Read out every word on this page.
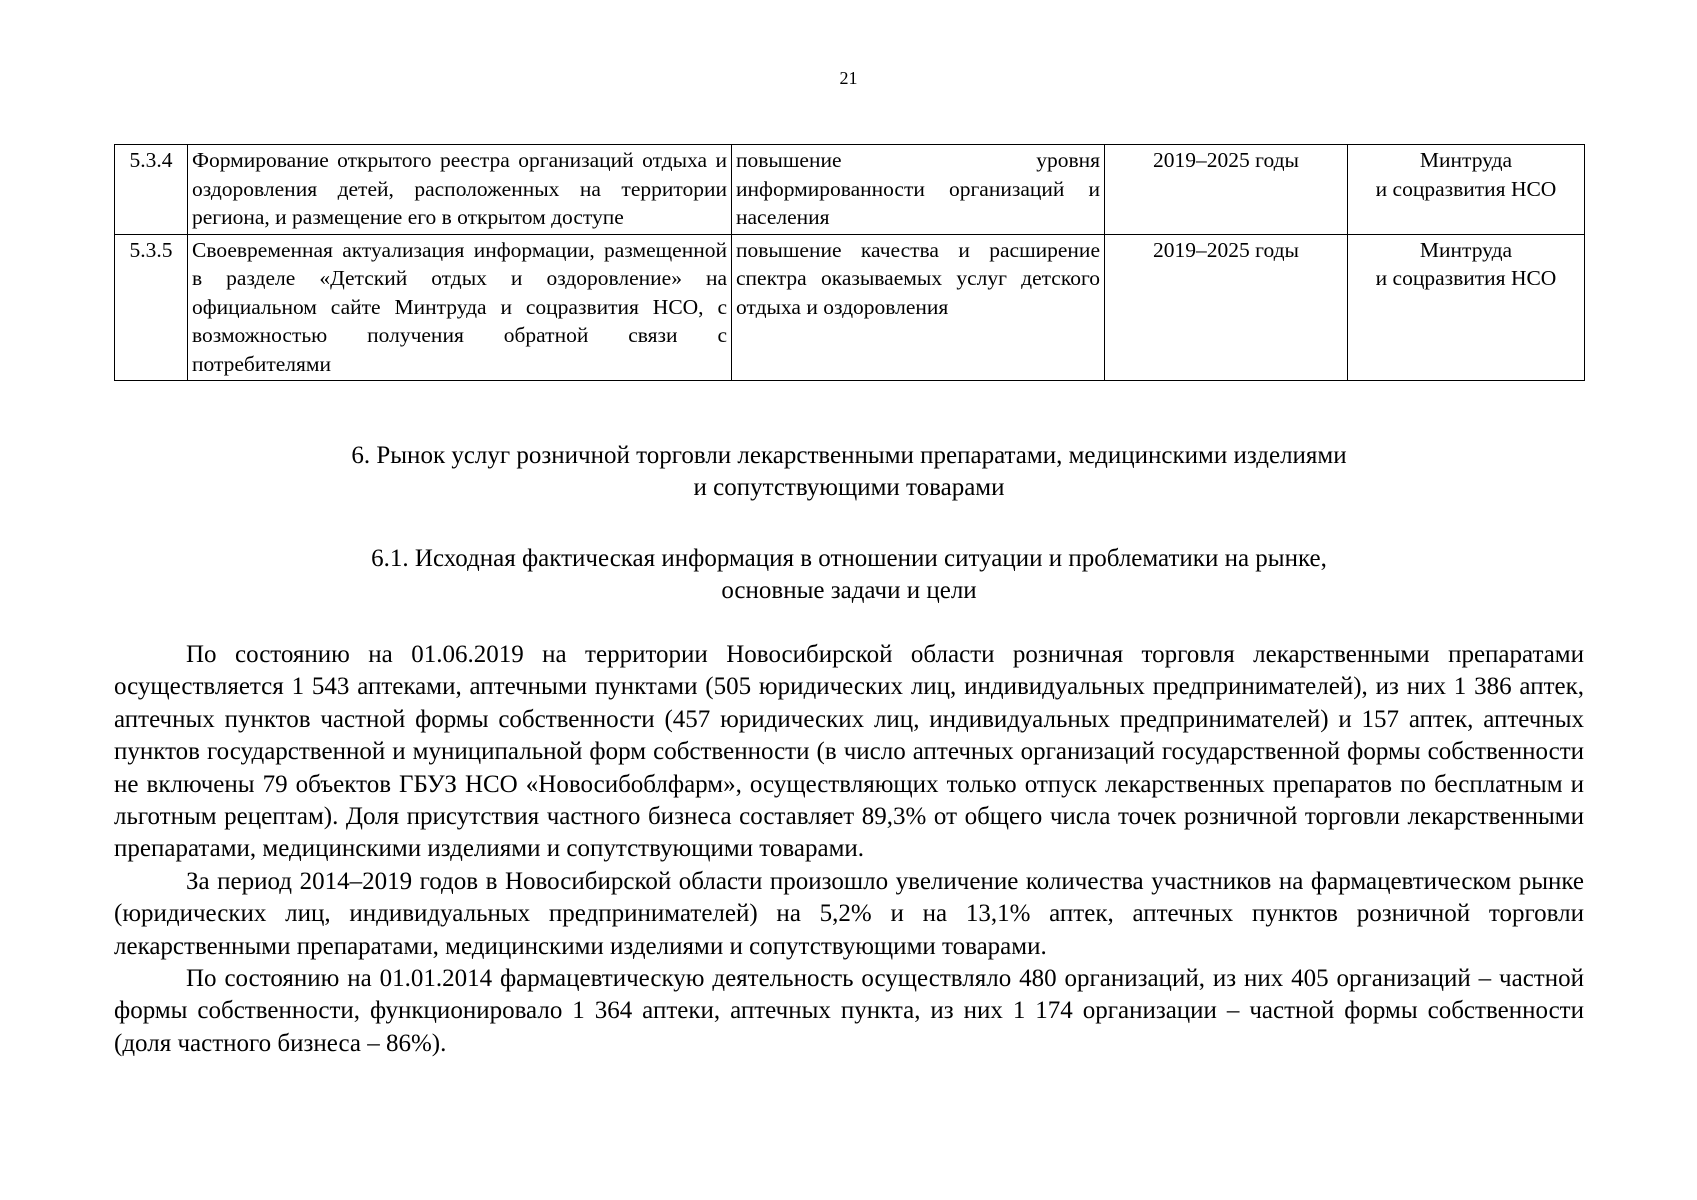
21
5.3.4	Формирование открытого реестра организаций отдыха и оздоровления детей, расположенных на территории региона, и размещение его в открытом доступе	повышение уровня информированности организаций и населения	2019–2025 годы	Минтруда
и соцразвития НСО
5.3.5	Своевременная актуализация информации, размещенной в разделе «Детский отдых и оздоровление» на официальном сайте Минтруда и соцразвития НСО, с возможностью получения обратной связи с потребителями	повышение качества и расширение спектра оказываемых услуг детского отдыха и оздоровления	2019–2025 годы	Минтруда
и соцразвития НСО
6. Рынок услуг розничной торговли лекарственными препаратами, медицинскими изделиями
и сопутствующими товарами
6.1. Исходная фактическая информация в отношении ситуации и проблематики на рынке,
основные задачи и цели

По состоянию на 01.06.2019 на территории Новосибирской области розничная торговля лекарственными препаратами осуществляется 1 543 аптеками, аптечными пунктами (505 юридических лиц, индивидуальных предпринимателей), из них 1 386 аптек, аптечных пунктов частной формы собственности (457 юридических лиц, индивидуальных предпринимателей) и 157 аптек, аптечных пунктов государственной и муниципальной форм собственности (в число аптечных организаций государственной формы собственности не включены 79 объектов ГБУЗ НСО «Новосибоблфарм», осуществляющих только отпуск лекарственных препаратов по бесплатным и льготным рецептам). Доля присутствия частного бизнеса составляет 89,3% от общего числа точек розничной торговли лекарственными препаратами, медицинскими изделиями и сопутствующими товарами.

За период 2014–2019 годов в Новосибирской области произошло увеличение количества участников на фармацевтическом рынке (юридических лиц, индивидуальных предпринимателей) на 5,2% и на 13,1% аптек, аптечных пунктов розничной торговли лекарственными препаратами, медицинскими изделиями и сопутствующими товарами.

По состоянию на 01.01.2014 фармацевтическую деятельность осуществляло 480 организаций, из них 405 организаций – частной формы собственности, функционировало 1 364 аптеки, аптечных пункта, из них 1 174 организации – частной формы собственности (доля частного бизнеса – 86%).
